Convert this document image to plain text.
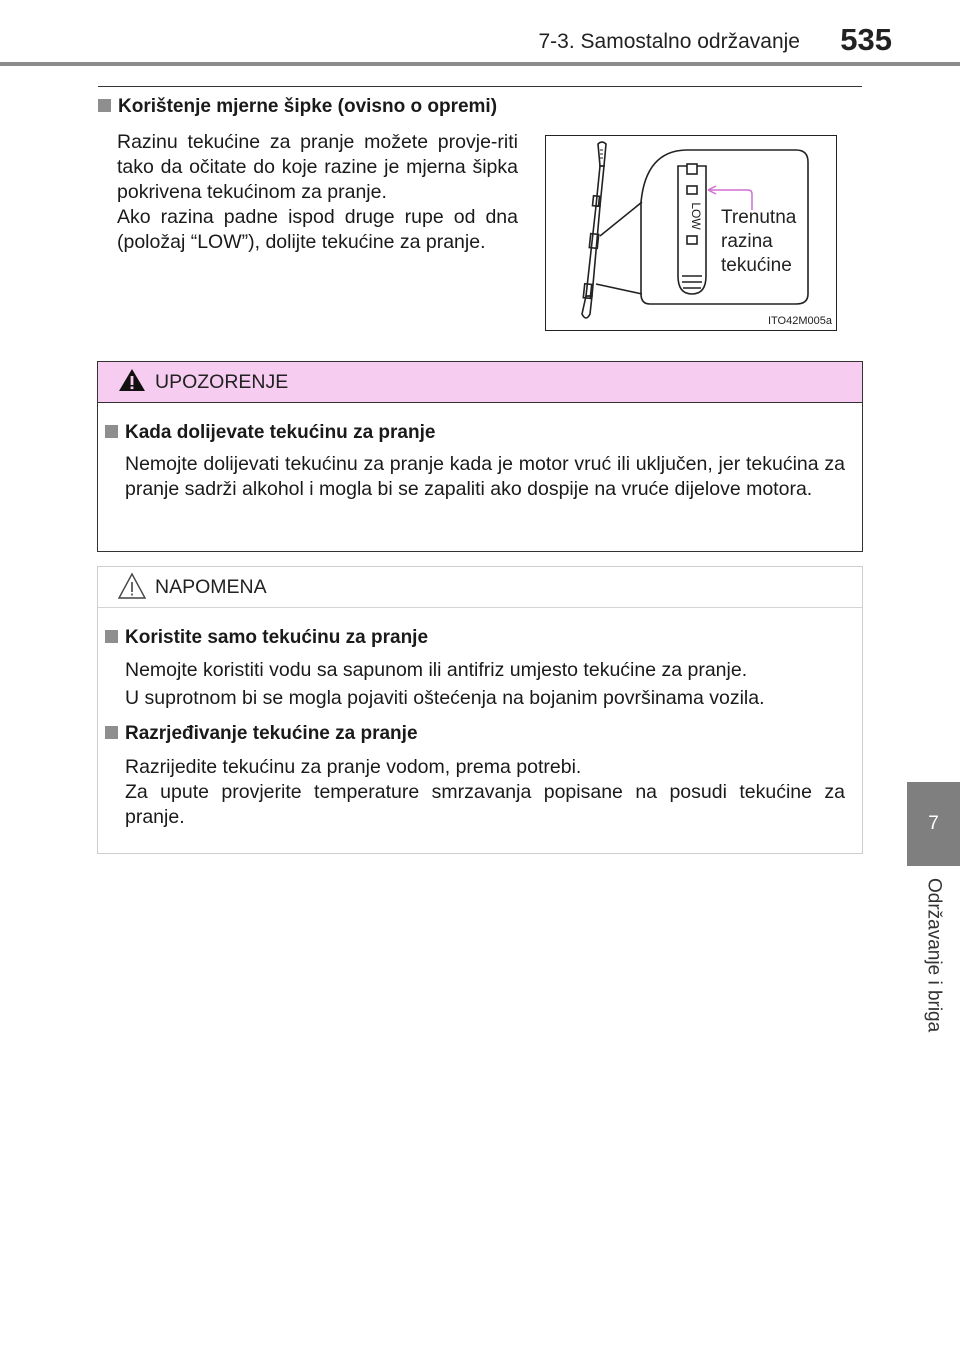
7-3. Samostalno održavanje	535
7
Održavanje i briga
Korištenje mjerne šipke (ovisno o opremi)
Razinu tekućine za pranje možete provje-riti tako da očitate do koje razine je mjerna šipka pokrivena tekućinom za pranje.
Ako razina padne ispod druge rupe od dna (položaj “LOW”), dolijte tekućine za pranje.
LOW Trenutna
razina
tekućine
ITO42M005a
UPOZORENJE
Kada dolijevate tekućinu za pranje
Nemojte dolijevati tekućinu za pranje kada je motor vruć ili uključen, jer tekućina za pranje sadrži alkohol i mogla bi se zapaliti ako dospije na vruće dijelove motora.
NAPOMENA
Koristite samo tekućinu za pranje
Nemojte koristiti vodu sa sapunom ili antifriz umjesto tekućine za pranje.
U suprotnom bi se mogla pojaviti oštećenja na bojanim površinama vozila.
Razrjeđivanje tekućine za pranje
Razrijedite tekućinu za pranje vodom, prema potrebi.
Za upute provjerite temperature smrzavanja popisane na posudi tekućine za pranje.
